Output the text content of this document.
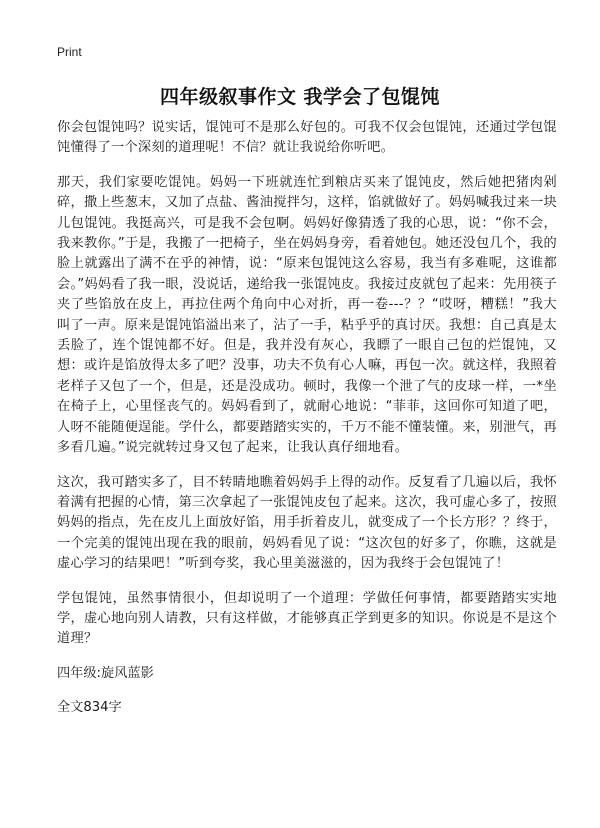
Print
四年级叙事作文 我学会了包馄饨

你会包馄饨吗？说实话，馄饨可不是那么好包的。可我不仅会包馄饨，还通过学包馄饨懂得了一个深刻的道理呢！不信？就让我说给你听吧。

那天，我们家要吃馄饨。妈妈一下班就连忙到粮店买来了馄饨皮，然后她把猪肉剁碎，撒上些葱末，又加了点盐、酱油搅拌匀，这样，馅就做好了。妈妈喊我过来一块儿包馄饨。我挺高兴，可是我不会包啊。妈妈好像猜透了我的心思，说：“你不会，我来教你。”于是，我搬了一把椅子，坐在妈妈身旁，看着她包。她还没包几个，我的脸上就露出了满不在乎的神情，说：“原来包馄饨这么容易，我当有多难呢，这谁都会。”妈妈看了我一眼，没说话，递给我一张馄饨皮。我接过皮就包了起来：先用筷子夹了些馅放在皮上，再拉住两个角向中心对折，再一卷---？？“哎呀，糟糕！”我大叫了一声。原来是馄饨馅溢出来了，沾了一手，粘乎乎的真讨厌。我想：自己真是太丢脸了，连个馄饨都不好。但是，我并没有灰心，我瞟了一眼自己包的烂馄饨，又想：或许是馅放得太多了吧？没事，功夫不负有心人嘛，再包一次。就这样，我照着老样子又包了一个，但是，还是没成功。顿时，我像一个泄了气的皮球一样，一*坐在椅子上，心里怪丧气的。妈妈看到了，就耐心地说：“菲菲，这回你可知道了吧，人呀不能随便逞能。学什么，都要踏踏实实的，千万不能不懂装懂。来，别泄气，再多看几遍。”说完就转过身又包了起来，让我认真仔细地看。

这次，我可踏实多了，目不转睛地瞧着妈妈手上得的动作。反复看了几遍以后，我怀着满有把握的心情，第三次拿起了一张馄饨皮包了起来。这次，我可虚心多了，按照妈妈的指点，先在皮儿上面放好馅，用手折着皮儿，就变成了一个长方形？？终于，一个完美的馄饨出现在我的眼前，妈妈看见了说：“这次包的好多了，你瞧，这就是虚心学习的结果吧！”听到夸奖，我心里美滋滋的，因为我终于会包馄饨了！

学包馄饨，虽然事情很小，但却说明了一个道理：学做任何事情，都要踏踏实实地学，虚心地向别人请教，只有这样做，才能够真正学到更多的知识。你说是不是这个道理？

四年级:旋风蓝影

全文834字
